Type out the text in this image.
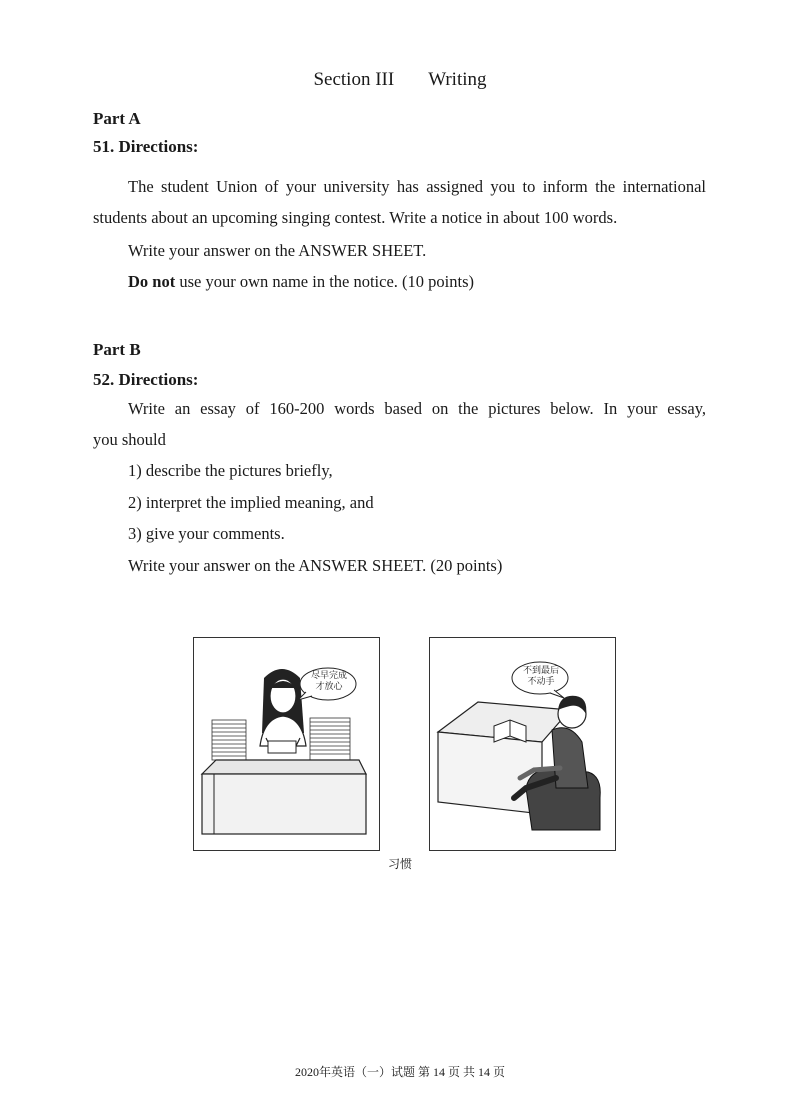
Section III Writing
Part A
51. Directions:
The student Union of your university has assigned you to inform the international
students about an upcoming singing contest. Write a notice in about 100 words.
Write your answer on the ANSWER SHEET.
Do not use your own name in the notice. (10 points)
Part B
52. Directions:
Write an essay of 160-200 words based on the pictures below. In your essay,
you should
1) describe the pictures briefly,
2) interpret the implied meaning, and
3) give your comments.
Write your answer on the ANSWER SHEET. (20 points)
尽早完成
才放心
不到最后
不动手
习惯
2020年英语（一）试题 第 14 页 共 14 页
